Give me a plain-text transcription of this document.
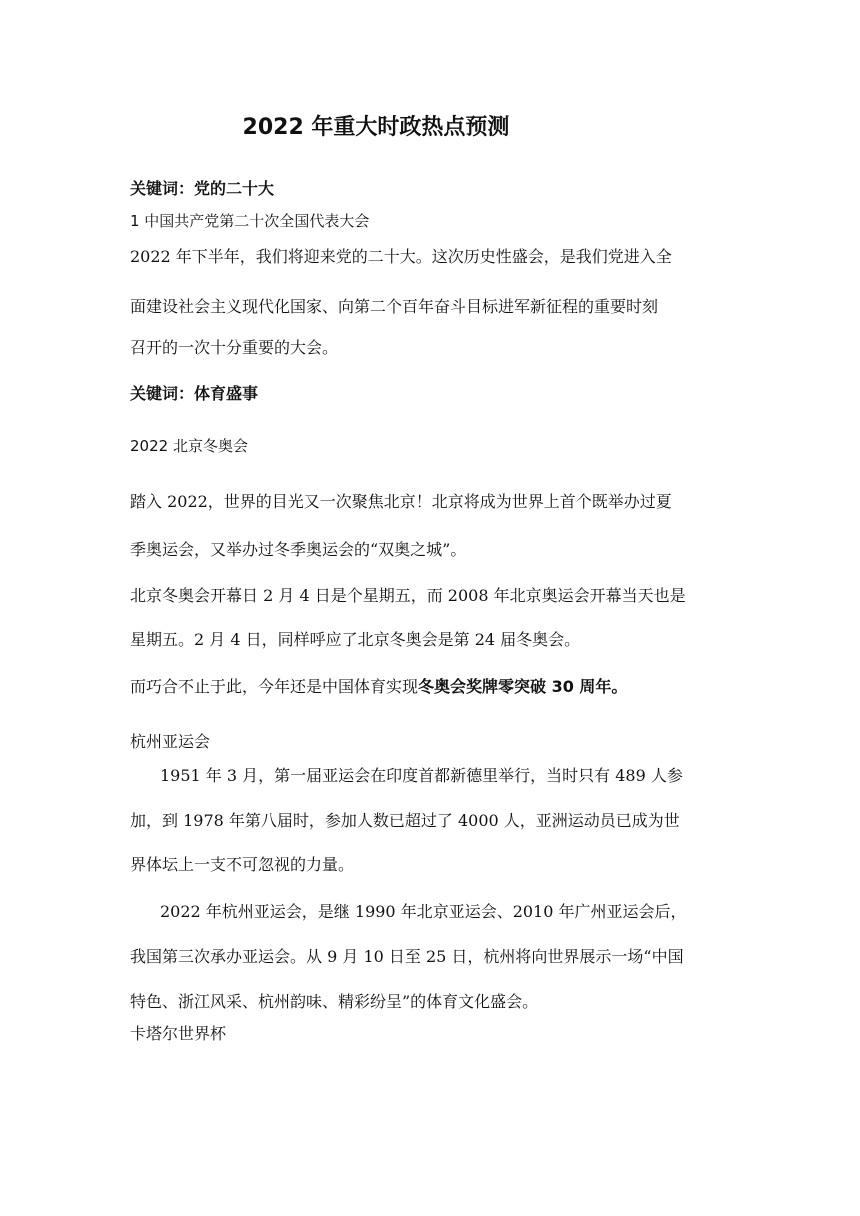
2022 年重大时政热点预测
关键词：党的二十大
1 中国共产党第二十次全国代表大会
2022 年下半年，我们将迎来党的二十大。这次历史性盛会，是我们党进入全
面建设社会主义现代化国家、向第二个百年奋斗目标进军新征程的重要时刻
召开的一次十分重要的大会。
关键词：体育盛事
2022 北京冬奥会
踏入 2022，世界的目光又一次聚焦北京！北京将成为世界上首个既举办过夏
季奥运会，又举办过冬季奥运会的“双奥之城”。
北京冬奥会开幕日 2 月 4 日是个星期五，而 2008 年北京奥运会开幕当天也是
星期五。2 月 4 日，同样呼应了北京冬奥会是第 24 届冬奥会。
而巧合不止于此，今年还是中国体育实现冬奥会奖牌零突破 30 周年。
杭州亚运会
1951 年 3 月，第一届亚运会在印度首都新德里举行，当时只有 489 人参
加，到 1978 年第八届时，参加人数已超过了 4000 人，亚洲运动员已成为世
界体坛上一支不可忽视的力量。
2022 年杭州亚运会，是继 1990 年北京亚运会、2010 年广州亚运会后，
我国第三次承办亚运会。从 9 月 10 日至 25 日，杭州将向世界展示一场“中国
特色、浙江风采、杭州韵味、精彩纷呈”的体育文化盛会。
卡塔尔世界杯
